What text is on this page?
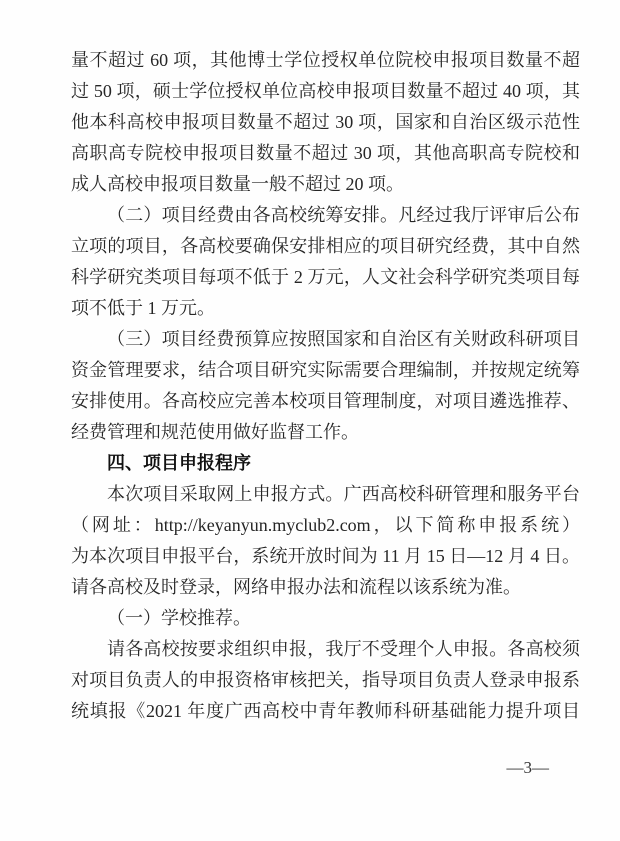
量不超过 60 项，其他博士学位授权单位院校申报项目数量不超
过 50 项，硕士学位授权单位高校申报项目数量不超过 40 项，其
他本科高校申报项目数量不超过 30 项，国家和自治区级示范性
高职高专院校申报项目数量不超过 30 项，其他高职高专院校和
成人高校申报项目数量一般不超过 20 项。
（二）项目经费由各高校统筹安排。凡经过我厅评审后公布
立项的项目，各高校要确保安排相应的项目研究经费，其中自然
科学研究类项目每项不低于 2 万元，人文社会科学研究类项目每
项不低于 1 万元。
（三）项目经费预算应按照国家和自治区有关财政科研项目
资金管理要求，结合项目研究实际需要合理编制，并按规定统筹
安排使用。各高校应完善本校项目管理制度，对项目遴选推荐、
经费管理和规范使用做好监督工作。
四、项目申报程序
本次项目采取网上申报方式。广西高校科研管理和服务平台
（网址：http://keyanyun.myclub2.com，以下简称申报系统）
为本次项目申报平台，系统开放时间为 11 月 15 日—12 月 4 日。
请各高校及时登录，网络申报办法和流程以该系统为准。
（一）学校推荐。
请各高校按要求组织申报，我厅不受理个人申报。各高校须
对项目负责人的申报资格审核把关，指导项目负责人登录申报系
统填报《2021 年度广西高校中青年教师科研基础能力提升项目
—3—
